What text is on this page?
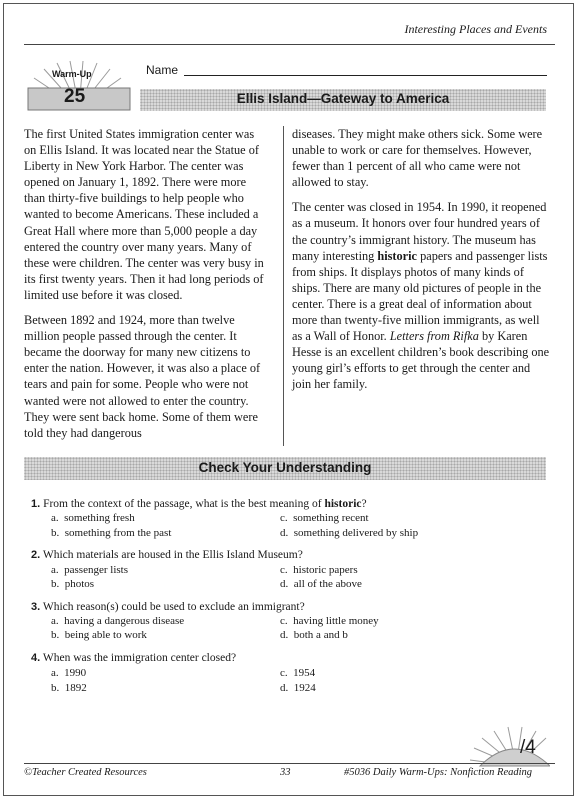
Interesting Places and Events
Warm-Up
25
Name
Ellis Island—Gateway to America

The first United States immigration center was on Ellis Island. It was located near the Statue of Liberty in New York Harbor. The center was opened on January 1, 1892. There were more than thirty-five buildings to help people who wanted to become Americans. These included a Great Hall where more than 5,000 people a day entered the country over many years. Many of these were children. The center was very busy in its first twenty years. Then it had long periods of limited use before it was closed.

Between 1892 and 1924, more than twelve million people passed through the center. It became the doorway for many new citizens to enter the nation. However, it was also a place of tears and pain for some. People who were not wanted were not allowed to enter the country. They were sent back home. Some of them were told they had dangerous

diseases. They might make others sick. Some were unable to work or care for themselves. However, fewer than 1 percent of all who came were not allowed to stay.

The center was closed in 1954. In 1990, it reopened as a museum. It honors over four hundred years of the country’s immigrant history. The museum has many interesting historic papers and passenger lists from ships. It displays photos of many kinds of ships. There are many old pictures of people in the center. There is a great deal of information about more than twenty-five million immigrants, as well as a Wall of Honor. Letters from Rifka by Karen Hesse is an excellent children’s book describing one young girl’s efforts to get through the center and join her family.

Check Your Understanding
1. From the context of the passage, what is the best meaning of historic?
a. something fresh
b. something from the past
c. something recent
d. something delivered by ship
2. Which materials are housed in the Ellis Island Museum?
a. passenger lists
b. photos
c. historic papers
d. all of the above
3. Which reason(s) could be used to exclude an immigrant?
a. having a dangerous disease
b. being able to work
c. having little money
d. both a and b
4. When was the immigration center closed?
a. 1990
b. 1892
c. 1954
d. 1924
/4
©Teacher Created Resources	33	#5036 Daily Warm-Ups: Nonfiction Reading
